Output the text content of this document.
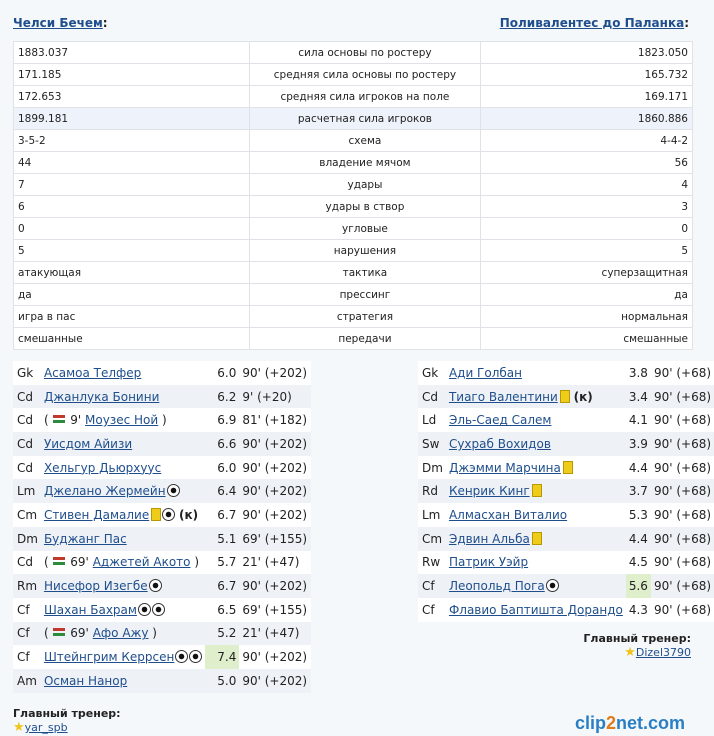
Челси Бечем:	Поливалентес до Паланка:
1883.037	сила основы по ростеру	1823.050
171.185	средняя сила основы по ростеру	165.732
172.653	средняя сила игроков на поле	169.171
1899.181	расчетная сила игроков	1860.886
3-5-2	схема	4-4-2
44	владение мячом	56
7	удары	4
6	удары в створ	3
0	угловые	0
5	нарушения	5
атакующая	тактика	суперзащитная
да	прессинг	да
игра в пас	стратегия	нормальная
смешанные	передачи	смешанные
Gk	Асамоа Телфер	6.0	90' (+202)
Cd	Джанлука Бонини	6.2	9' (+20)
Cd	( 9' Моузес Ной )	6.9	81' (+182)
Cd	Уисдом Айизи	6.6	90' (+202)
Cd	Хельгур Дьюрхуус	6.0	90' (+202)
Lm	Джелано Жермейн	6.4	90' (+202)
Cm	Стивен Дамалие (к)	6.7	90' (+202)
Dm	Буджанг Пас	5.1	69' (+155)
Cd	( 69' Аджетей Акото )	5.7	21' (+47)
Rm	Нисефор Изегбе	6.7	90' (+202)
Cf	Шахан Бахрам	6.5	69' (+155)
Cf	( 69' Афо Ажу )	5.2	21' (+47)
Cf	Штейнгрим Керрсен	7.4	90' (+202)
Am	Осман Нанор	5.0	90' (+202)
Gk	Ади Голбан	3.8	90' (+68)
Cd	Тиаго Валентини (к)	3.4	90' (+68)
Ld	Эль-Саед Салем	4.1	90' (+68)
Sw	Сухраб Вохидов	3.9	90' (+68)
Dm	Джэмми Марчина	4.4	90' (+68)
Rd	Кенрик Кинг	3.7	90' (+68)
Lm	Алмасхан Виталио	5.3	90' (+68)
Cm	Эдвин Альба	4.4	90' (+68)
Rw	Патрик Уэйр	4.5	90' (+68)
Cf	Леопольд Пога	5.6	90' (+68)
Cf	Флавио Баптишта Дорандо	4.3	90' (+68)
Главный тренер:
★Dizel3790
Главный тренер:
★yar_spb	clip2net.com
